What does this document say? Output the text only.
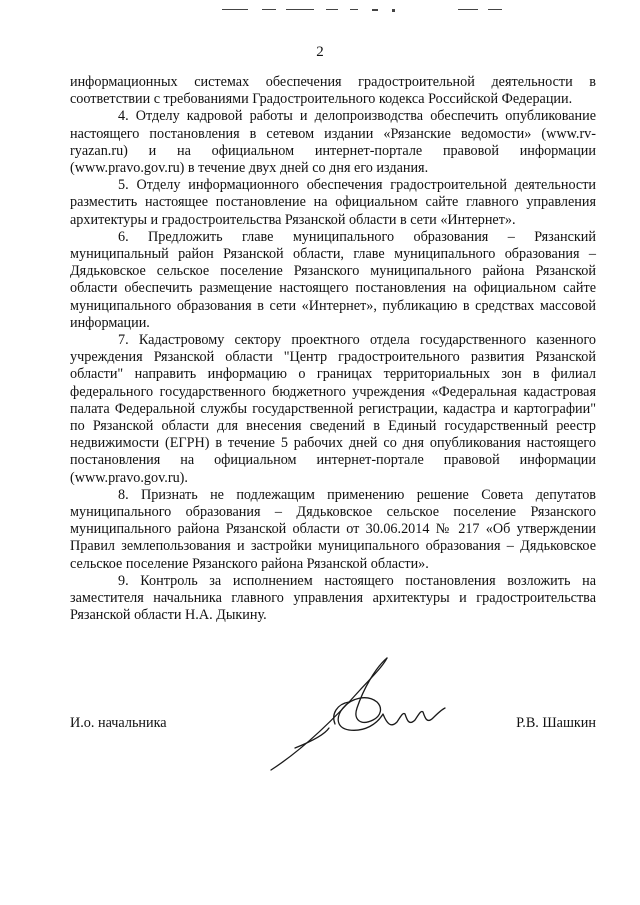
2

информационных системах обеспечения градостроительной деятельности в соответствии с требованиями Градостроительного кодекса Российской Федерации.

4. Отделу кадровой работы и делопроизводства обеспечить опубликование настоящего постановления в сетевом издании «Рязанские ведомости» (www.rv-ryazan.ru) и на официальном интернет-портале правовой информации (www.pravo.gov.ru) в течение двух дней со дня его издания.

5. Отделу информационного обеспечения градостроительной деятельности разместить настоящее постановление на официальном сайте главного управления архитектуры и градостроительства Рязанской области в сети «Интернет».

6. Предложить главе муниципального образования – Рязанский муниципальный район Рязанской области, главе муниципального образования – Дядьковское сельское поселение Рязанского муниципального района Рязанской области обеспечить размещение настоящего постановления на официальном сайте муниципального образования в сети «Интернет», публикацию в средствах массовой информации.

7. Кадастровому сектору проектного отдела государственного казенного учреждения Рязанской области "Центр градостроительного развития Рязанской области" направить информацию о границах территориальных зон в филиал федерального государственного бюджетного учреждения «Федеральная кадастровая палата Федеральной службы государственной регистрации, кадастра и картографии" по Рязанской области для внесения сведений в Единый государственный реестр недвижимости (ЕГРН) в течение 5 рабочих дней со дня опубликования настоящего постановления на официальном интернет-портале правовой информации (www.pravo.gov.ru).

8. Признать не подлежащим применению решение Совета депутатов муниципального образования – Дядьковское сельское поселение Рязанского муниципального района Рязанской области от 30.06.2014 № 217 «Об утверждении Правил землепользования и застройки муниципального образования – Дядьковское сельское поселение Рязанского района Рязанской области».

9. Контроль за исполнением настоящего постановления возложить на заместителя начальника главного управления архитектуры и градостроительства Рязанской области Н.А. Дыкину.

И.о. начальника	Р.В. Шашкин
